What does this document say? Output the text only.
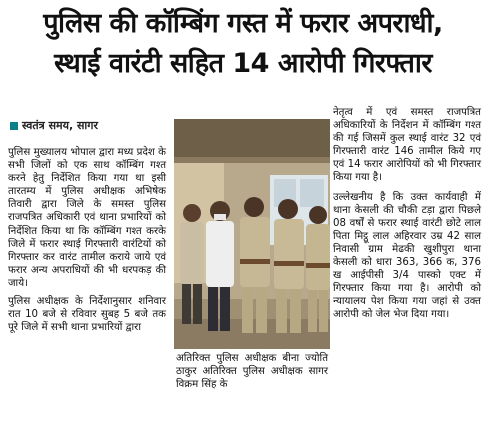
पुलिस की कॉम्बिंग गस्त में फरार अपराधी,
स्थाई वारंटी सहित 14 आरोपी गिरफ्तार
स्वतंत्र समय, सागर

पुलिस मुख्यालय भोपाल द्वारा मध्य प्रदेश के सभी जिलों को एक साथ कॉम्बिंग गश्त करने हेतु निर्देशित किया गया था इसी तारतम्य में पुलिस अधीक्षक अभिषेक तिवारी द्वारा जिले के समस्त पुलिस राजपत्रित अधिकारी एवं थाना प्रभारियों को निर्देशित किया था कि कॉम्बिंग गश्त करके जिले में फरार स्थाई गिरफ्तारी वारंटियों को गिरफ्तार कर वारंट तामील कराये जाये एवं फरार अन्य अपराधियों की भी धरपकड़ की जाये।

पुलिस अधीक्षक के निर्देशानुसार शनिवार रात 10 बजे से रविवार सुबह 5 बजे तक पूरे जिले में सभी थाना प्रभारियों द्वारा

अतिरिक्त पुलिस अधीक्षक बीना ज्योति ठाकुर अतिरिक्त पुलिस अधीक्षक सागर विक्रम सिंह के

नेतृत्व में एवं समस्त राजपत्रित अधिकारियों के निर्देशन में कॉम्बिंग गश्त की गई जिसमें कुल स्थाई वारंट 32 एवं गिरफ्तारी वारंट 146 तामील किये गए एवं 14 फरार आरोपियों को भी गिरफ्तार किया गया है।

उल्लेखनीय है कि उक्त कार्यवाही में थाना केसली की चौकी टड़ा द्वारा पिछले 08 वर्षों से फरार स्थाई वारंटी छोटे लाल पिता मिट्ठू लाल अहिरवार उम्र 42 साल निवासी ग्राम मेढकी खुशीपुरा थाना केसली को धारा 363, 366 क, 376 ख आईपीसी 3/4 पास्को एक्ट में गिरफ्तार किया गया है। आरोपी को न्यायालय पेश किया गया जहां से उक्त आरोपी को जेल भेज दिया गया।
